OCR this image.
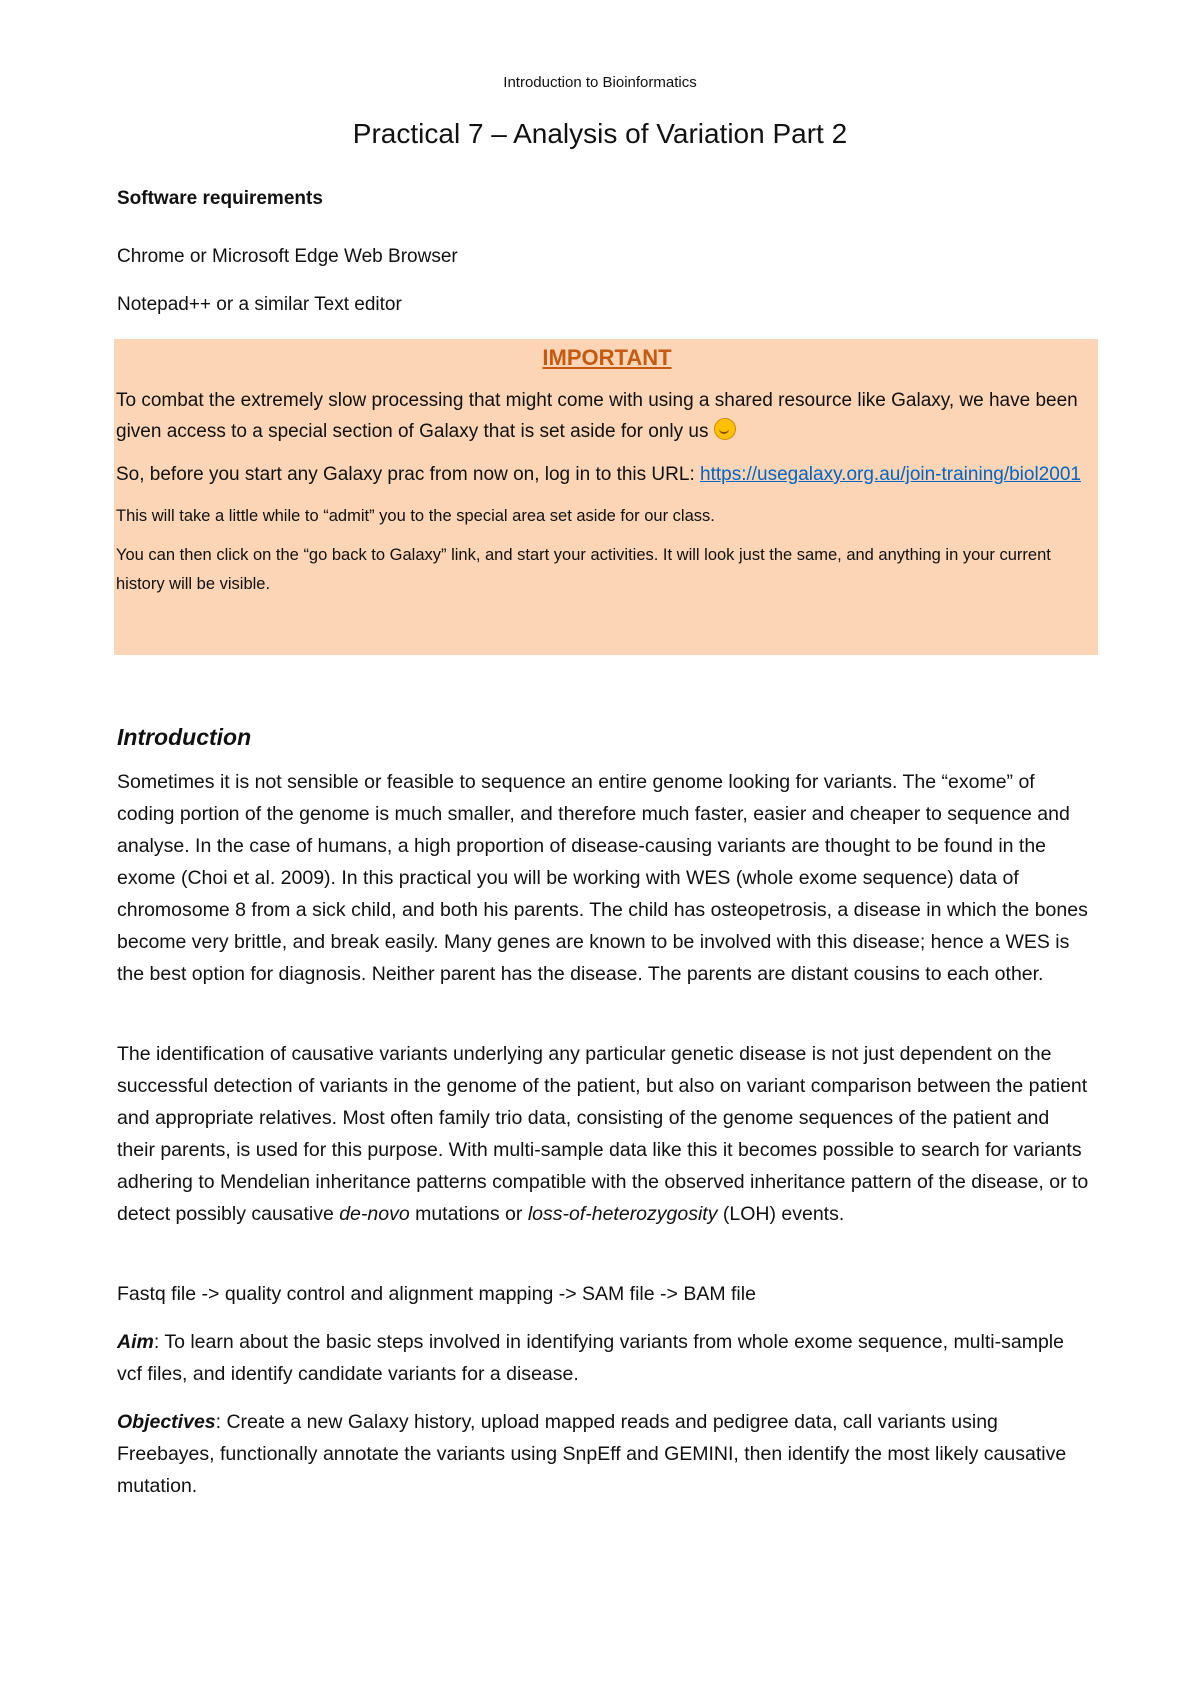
Introduction to Bioinformatics
Practical 7 – Analysis of Variation Part 2
Software requirements
Chrome or Microsoft Edge Web Browser
Notepad++ or a similar Text editor
IMPORTANT

To combat the extremely slow processing that might come with using a shared resource like Galaxy, we have been given access to a special section of Galaxy that is set aside for only us

So, before you start any Galaxy prac from now on, log in to this URL: https://usegalaxy.org.au/join-training/biol2001

This will take a little while to “admit” you to the special area set aside for our class.

You can then click on the “go back to Galaxy” link, and start your activities. It will look just the same, and anything in your current history will be visible.

Introduction

Sometimes it is not sensible or feasible to sequence an entire genome looking for variants. The “exome” of coding portion of the genome is much smaller, and therefore much faster, easier and cheaper to sequence and analyse. In the case of humans, a high proportion of disease-causing variants are thought to be found in the exome (Choi et al. 2009). In this practical you will be working with WES (whole exome sequence) data of chromosome 8 from a sick child, and both his parents. The child has osteopetrosis, a disease in which the bones become very brittle, and break easily. Many genes are known to be involved with this disease; hence a WES is the best option for diagnosis. Neither parent has the disease. The parents are distant cousins to each other.

The identification of causative variants underlying any particular genetic disease is not just dependent on the successful detection of variants in the genome of the patient, but also on variant comparison between the patient and appropriate relatives. Most often family trio data, consisting of the genome sequences of the patient and their parents, is used for this purpose. With multi-sample data like this it becomes possible to search for variants adhering to Mendelian inheritance patterns compatible with the observed inheritance pattern of the disease, or to detect possibly causative de-novo mutations or loss-of-heterozygosity (LOH) events.

Fastq file -> quality control and alignment mapping -> SAM file -> BAM file

Aim: To learn about the basic steps involved in identifying variants from whole exome sequence, multi-sample vcf files, and identify candidate variants for a disease.

Objectives: Create a new Galaxy history, upload mapped reads and pedigree data, call variants using Freebayes, functionally annotate the variants using SnpEff and GEMINI, then identify the most likely causative mutation.
